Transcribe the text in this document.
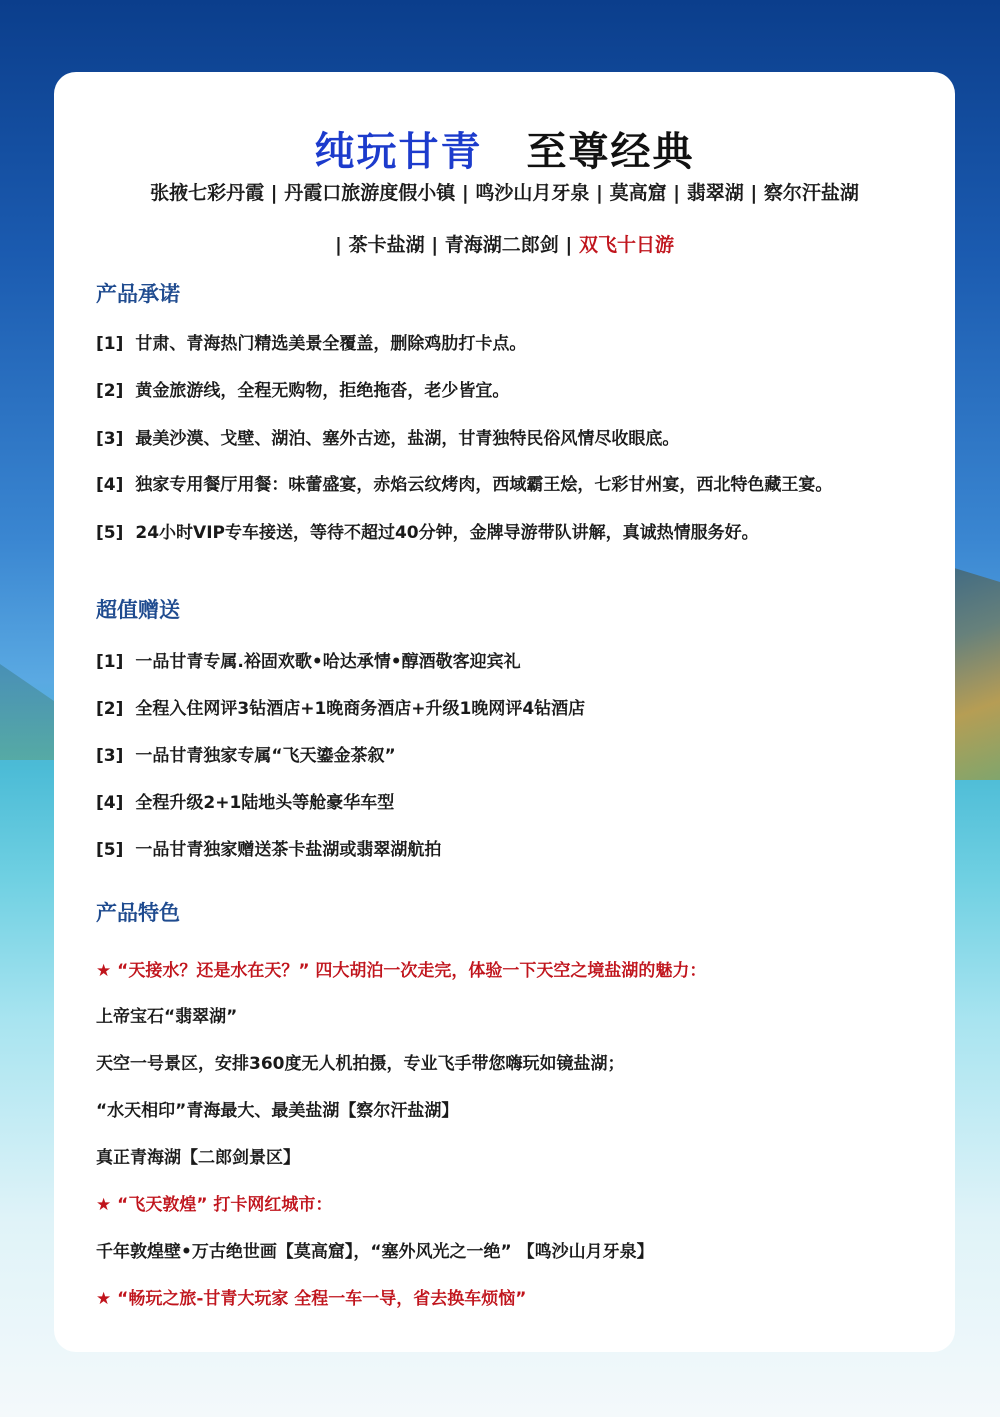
纯玩甘青 至尊经典
张掖七彩丹霞 | 丹霞口旅游度假小镇 | 鸣沙山月牙泉 | 莫高窟 | 翡翠湖 | 察尔汗盐湖
| 茶卡盐湖 | 青海湖二郎剑 | 双飞十日游
产品承诺
[1] 甘肃、青海热门精选美景全覆盖，删除鸡肋打卡点。
[2] 黄金旅游线，全程无购物，拒绝拖沓，老少皆宜。
[3] 最美沙漠、戈壁、湖泊、塞外古迹，盐湖，甘青独特民俗风情尽收眼底。
[4] 独家专用餐厅用餐：味蕾盛宴，赤焰云纹烤肉，西域霸王烩，七彩甘州宴，西北特色藏王宴。
[5] 24小时VIP专车接送，等待不超过40分钟，金牌导游带队讲解，真诚热情服务好。
超值赠送
[1] 一品甘青专属.裕固欢歌•哈达承情•醇酒敬客迎宾礼
[2] 全程入住网评3钻酒店+1晚商务酒店+升级1晚网评4钻酒店
[3] 一品甘青独家专属“飞天鎏金茶叙”
[4] 全程升级2+1陆地头等舱豪华车型
[5] 一品甘青独家赠送茶卡盐湖或翡翠湖航拍
产品特色
★ “天接水？还是水在天？” 四大胡泊一次走完，体验一下天空之境盐湖的魅力：
上帝宝石“翡翠湖”
天空一号景区，安排360度无人机拍摄，专业飞手带您嗨玩如镜盐湖；
“水天相印”青海最大、最美盐湖【察尔汗盐湖】
真正青海湖【二郎剑景区】
★ “飞天敦煌” 打卡网红城市：
千年敦煌壁•万古绝世画【莫高窟】，“塞外风光之一绝” 【鸣沙山月牙泉】
★ “畅玩之旅-甘青大玩家 全程一车一导，省去换车烦恼”
